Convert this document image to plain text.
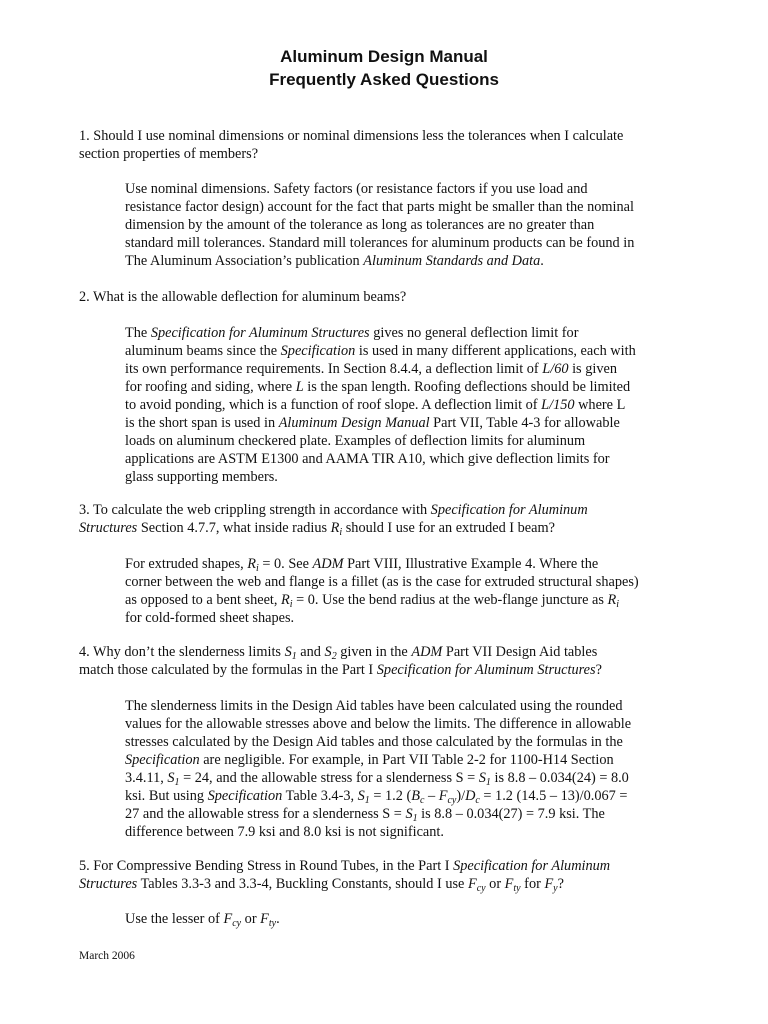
Aluminum Design Manual
Frequently Asked Questions
1. Should I use nominal dimensions or nominal dimensions less the tolerances when I calculate
section properties of members?
Use nominal dimensions. Safety factors (or resistance factors if you use load and
resistance factor design) account for the fact that parts might be smaller than the nominal
dimension by the amount of the tolerance as long as tolerances are no greater than
standard mill tolerances. Standard mill tolerances for aluminum products can be found in
The Aluminum Association’s publication Aluminum Standards and Data.
2. What is the allowable deflection for aluminum beams?
The Specification for Aluminum Structures gives no general deflection limit for
aluminum beams since the Specification is used in many different applications, each with
its own performance requirements. In Section 8.4.4, a deflection limit of L/60 is given
for roofing and siding, where L is the span length. Roofing deflections should be limited
to avoid ponding, which is a function of roof slope. A deflection limit of L/150 where L
is the short span is used in Aluminum Design Manual Part VII, Table 4-3 for allowable
loads on aluminum checkered plate. Examples of deflection limits for aluminum
applications are ASTM E1300 and AAMA TIR A10, which give deflection limits for
glass supporting members.
3. To calculate the web crippling strength in accordance with Specification for Aluminum
Structures Section 4.7.7, what inside radius $R_i$ should I use for an extruded I beam?
For extruded shapes, $R_i = 0$. See ADM Part VIII, Illustrative Example 4. Where the
corner between the web and flange is a fillet (as is the case for extruded structural shapes)
as opposed to a bent sheet, $R_i = 0$. Use the bend radius at the web-flange juncture as $R_i$
for cold-formed sheet shapes.
4. Why don’t the slenderness limits $S_1$ and $S_2$ given in the ADM Part VII Design Aid tables
match those calculated by the formulas in the Part I Specification for Aluminum Structures?
The slenderness limits in the Design Aid tables have been calculated using the rounded
values for the allowable stresses above and below the limits. The difference in allowable
stresses calculated by the Design Aid tables and those calculated by the formulas in the
Specification are negligible. For example, in Part VII Table 2-2 for 1100-H14 Section
3.4.11, $S_1 = 24$, and the allowable stress for a slenderness $S = S_1$ is 8.8 – 0.034(24) = 8.0
ksi. But using Specification Table 3.4-3, $S_1 = 1.2$ $(B_c - F_{cy})/D_c = 1.2$ (14.5 – 13)/0.067 =
27 and the allowable stress for a slenderness $S = S_1$ is 8.8 – 0.034(27) = 7.9 ksi. The
difference between 7.9 ksi and 8.0 ksi is not significant.
5. For Compressive Bending Stress in Round Tubes, in the Part I Specification for Aluminum
Structures Tables 3.3-3 and 3.3-4, Buckling Constants, should I use $F_{cy}$ or $F_{ty}$ for $F_y$?
Use the lesser of $F_{cy}$ or $F_{ty}$.
March 2006
